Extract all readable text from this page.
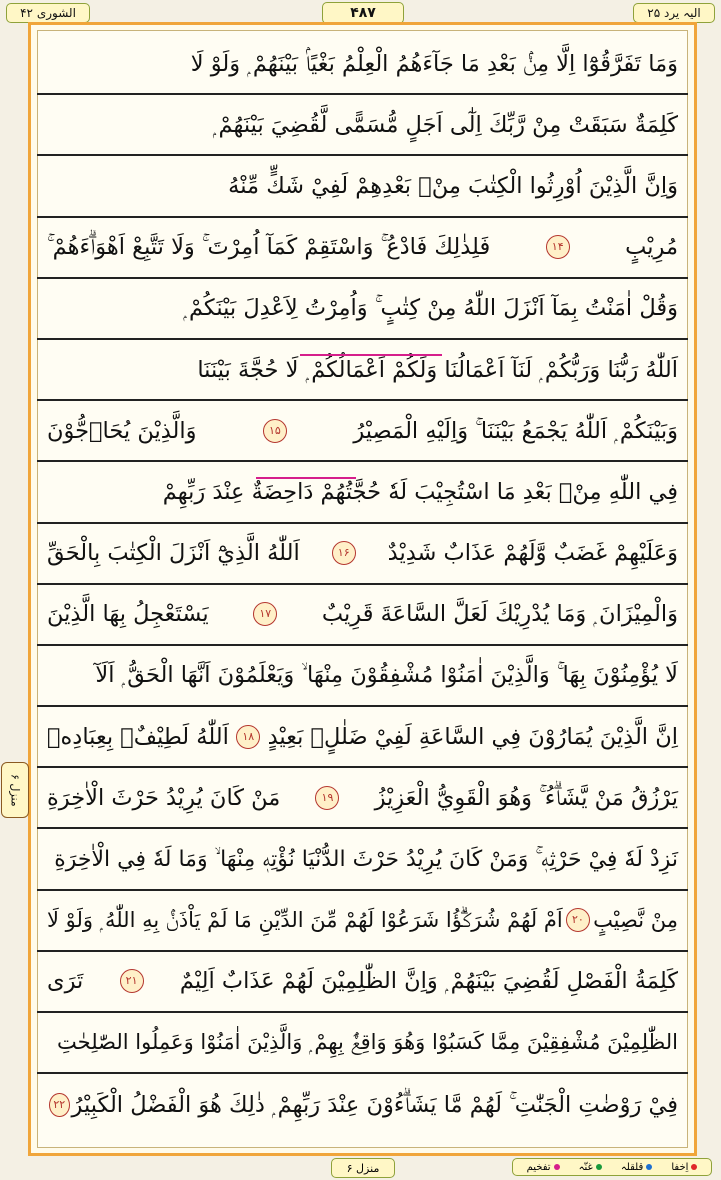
الشوری ۴۲	۴۸۷	الیہ یرد ۲۵
وَمَا تَفَرَّقُوْٓا اِلَّا مِنْۢ بَعْدِ مَا جَآءَهُمُ الْعِلْمُ بَغْيًاۢ بَيْنَهُمْ ۭ وَلَوْ لَا
كَلِمَةٌ سَبَقَتْ مِنْ رَّبِّكَ اِلٰٓى اَجَلٍ مُّسَمًّى لَّقُضِيَ بَيْنَهُمْ ۭ
وَاِنَّ الَّذِيْنَ اُوْرِثُوا الْكِتٰبَ مِنْۢ بَعْدِهِمْ لَفِيْ شَكٍّ مِّنْهُ
مُرِيْبٍ
۱۴
فَلِذٰلِكَ فَادْعُ ۚ وَاسْتَقِمْ كَمَآ اُمِرْتَ ۚ وَلَا تَتَّبِعْ اَهْوَاۗءَهُمْ ۚ
وَقُلْ اٰمَنْتُ بِمَآ اَنْزَلَ اللّٰهُ مِنْ كِتٰبٍ ۚ وَاُمِرْتُ لِاَعْدِلَ بَيْنَكُمْ ۭ
اَللّٰهُ رَبُّنَا وَرَبُّكُمْ ۭ لَنَآ اَعْمَالُنَا وَلَكُمْ اَعْمَالُكُمْ ۭ لَا حُجَّةَ بَيْنَنَا
وَبَيْنَكُمْ ۭ اَللّٰهُ يَجْمَعُ بَيْنَنَا ۚ وَاِلَيْهِ الْمَصِيْرُ
۱۵
وَالَّذِيْنَ يُحَاۗجُّوْنَ
فِي اللّٰهِ مِنْۢ بَعْدِ مَا اسْتُجِيْبَ لَهٗ حُجَّتُهُمْ دَاحِضَةٌ عِنْدَ رَبِّهِمْ
وَعَلَيْهِمْ غَضَبٌ وَّلَهُمْ عَذَابٌ شَدِيْدٌ
۱۶
اَللّٰهُ الَّذِيْٓ اَنْزَلَ الْكِتٰبَ بِالْحَقِّ
وَالْمِيْزَانَ ۭ وَمَا يُدْرِيْكَ لَعَلَّ السَّاعَةَ قَرِيْبٌ
۱۷
يَسْتَعْجِلُ بِهَا الَّذِيْنَ
لَا يُؤْمِنُوْنَ بِهَا ۚ وَالَّذِيْنَ اٰمَنُوْا مُشْفِقُوْنَ مِنْهَا ۙ وَيَعْلَمُوْنَ اَنَّهَا الْحَقُّ ۭ اَلَآ
اِنَّ الَّذِيْنَ يُمَارُوْنَ فِي السَّاعَةِ لَفِيْ ضَلٰلٍۢ بَعِيْدٍ
۱۸
اَللّٰهُ لَطِيْفٌۢ بِعِبَادِهٖ
يَرْزُقُ مَنْ يَّشَاۗءُ ۚ وَهُوَ الْقَوِيُّ الْعَزِيْزُ
۱۹
مَنْ كَانَ يُرِيْدُ حَرْثَ الْاٰخِرَةِ
نَزِدْ لَهٗ فِيْ حَرْثِهٖ ۚ وَمَنْ كَانَ يُرِيْدُ حَرْثَ الدُّنْيَا نُؤْتِهٖ مِنْهَا ۙ وَمَا لَهٗ فِي الْاٰخِرَةِ
مِنْ نَّصِيْبٍ
۲۰
اَمْ لَهُمْ شُرَكٰۗؤُا شَرَعُوْا لَهُمْ مِّنَ الدِّيْنِ مَا لَمْ يَاْذَنْۢ بِهِ اللّٰهُ ۭ وَلَوْ لَا
كَلِمَةُ الْفَصْلِ لَقُضِيَ بَيْنَهُمْ ۭ وَاِنَّ الظّٰلِمِيْنَ لَهُمْ عَذَابٌ اَلِيْمٌ
۲۱
تَرَى
الظّٰلِمِيْنَ مُشْفِقِيْنَ مِمَّا كَسَبُوْا وَهُوَ وَاقِعٌۢ بِهِمْ ۭ وَالَّذِيْنَ اٰمَنُوْا وَعَمِلُوا الصّٰلِحٰتِ
فِيْ رَوْضٰتِ الْجَنّٰتِ ۚ لَهُمْ مَّا يَشَاۗءُوْنَ عِنْدَ رَبِّهِمْ ۭ ذٰلِكَ هُوَ الْفَضْلُ الْكَبِيْرُ
۲۲
منزل ۶
منزل ۶	اِخفا
قلقلہ
غنّہ
تفخیم
